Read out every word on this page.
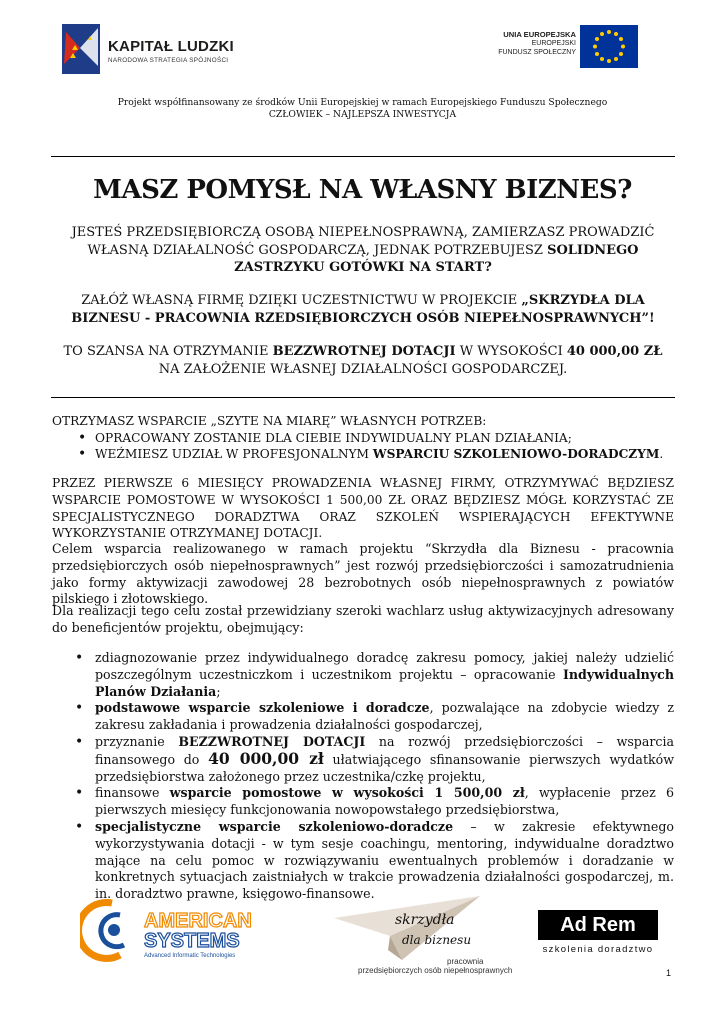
KAPITAŁ LUDZKI
NARODOWA STRATEGIA SPÓJNOŚCI
UNIA EUROPEJSKA
EUROPEJSKI
FUNDUSZ SPOŁECZNY
Projekt współfinansowany ze środków Unii Europejskiej w ramach Europejskiego Funduszu Społecznego
CZŁOWIEK – NAJLEPSZA INWESTYCJA
MASZ POMYSŁ NA WŁASNY BIZNES?
JESTEŚ PRZEDSIĘBIORCZĄ OSOBĄ NIEPEŁNOSPRAWNĄ, ZAMIERZASZ PROWADZIĆ WŁASNĄ DZIAŁALNOŚĆ GOSPODARCZĄ, JEDNAK POTRZEBUJESZ SOLIDNEGO ZASTRZYKU GOTÓWKI NA START?
ZAŁÓŻ WŁASNĄ FIRMĘ DZIĘKI UCZESTNICTWU W PROJEKCIE „SKRZYDŁA DLA BIZNESU - PRACOWNIA RZEDSIĘBIORCZYCH OSÓB NIEPEŁNOSPRAWNYCH”!
TO SZANSA NA OTRZYMANIE BEZZWROTNEJ DOTACJI W WYSOKOŚCI 40 000,00 ZŁ NA ZAŁOŻENIE WŁASNEJ DZIAŁALNOŚCI GOSPODARCZEJ.
OTRZYMASZ WSPARCIE „SZYTE NA MIARĘ” WŁASNYCH POTRZEB:
• OPRACOWANY ZOSTANIE DLA CIEBIE INDYWIDUALNY PLAN DZIAŁANIA;
• WEŹMIESZ UDZIAŁ W PROFESJONALNYM WSPARCIU SZKOLENIOWO-DORADCZYM.
PRZEZ PIERWSZE 6 MIESIĘCY PROWADZENIA WŁASNEJ FIRMY, OTRZYMYWAĆ BĘDZIESZ WSPARCIE POMOSTOWE W WYSOKOŚCI 1 500,00 ZŁ ORAZ BĘDZIESZ MÓGŁ KORZYSTAĆ ZE SPECJALISTYCZNEGO DORADZTWA ORAZ SZKOLEŃ WSPIERAJĄCYCH EFEKTYWNE WYKORZYSTANIE OTRZYMANEJ DOTACJI.
Celem wsparcia realizowanego w ramach projektu “Skrzydła dla Biznesu - pracownia przedsiębiorczych osób niepełnosprawnych” jest rozwój przedsiębiorczości i samozatrudnienia jako formy aktywizacji zawodowej 28 bezrobotnych osób niepełnosprawnych z powiatów pilskiego i złotowskiego.
Dla realizacji tego celu został przewidziany szeroki wachlarz usług aktywizacyjnych adresowany do beneficjentów projektu, obejmujący:
• zdiagnozowanie przez indywidualnego doradcę zakresu pomocy, jakiej należy udzielić poszczególnym uczestniczkom i uczestnikom projektu – opracowanie Indywidualnych Planów Działania;
• podstawowe wsparcie szkoleniowe i doradcze, pozwalające na zdobycie wiedzy z zakresu zakładania i prowadzenia działalności gospodarczej,
• przyznanie BEZZWROTNEJ DOTACJI na rozwój przedsiębiorczości – wsparcia finansowego do 40 000,00 zł ułatwiającego sfinansowanie pierwszych wydatków przedsiębiorstwa założonego przez uczestnika/czkę projektu,
• finansowe wsparcie pomostowe w wysokości 1 500,00 zł, wypłacenie przez 6 pierwszych miesięcy funkcjonowania nowopowstałego przedsiębiorstwa,
• specjalistyczne wsparcie szkoleniowo-doradcze – w zakresie efektywnego wykorzystywania dotacji - w tym sesje coachingu, mentoring, indywidualne doradztwo mające na celu pomoc w rozwiązywaniu ewentualnych problemów i doradzanie w konkretnych sytuacjach zaistniałych w trakcie prowadzenia działalności gospodarczej, m. in. doradztwo prawne, księgowo-finansowe.
AMERICAN
SYSTEMS
Advanced Informatic Technologies
skrzydła
dla biznesu
pracownia
przedsiębiorczych osób niepełnosprawnych
Ad Rem
szkolenia doradztwo
1
